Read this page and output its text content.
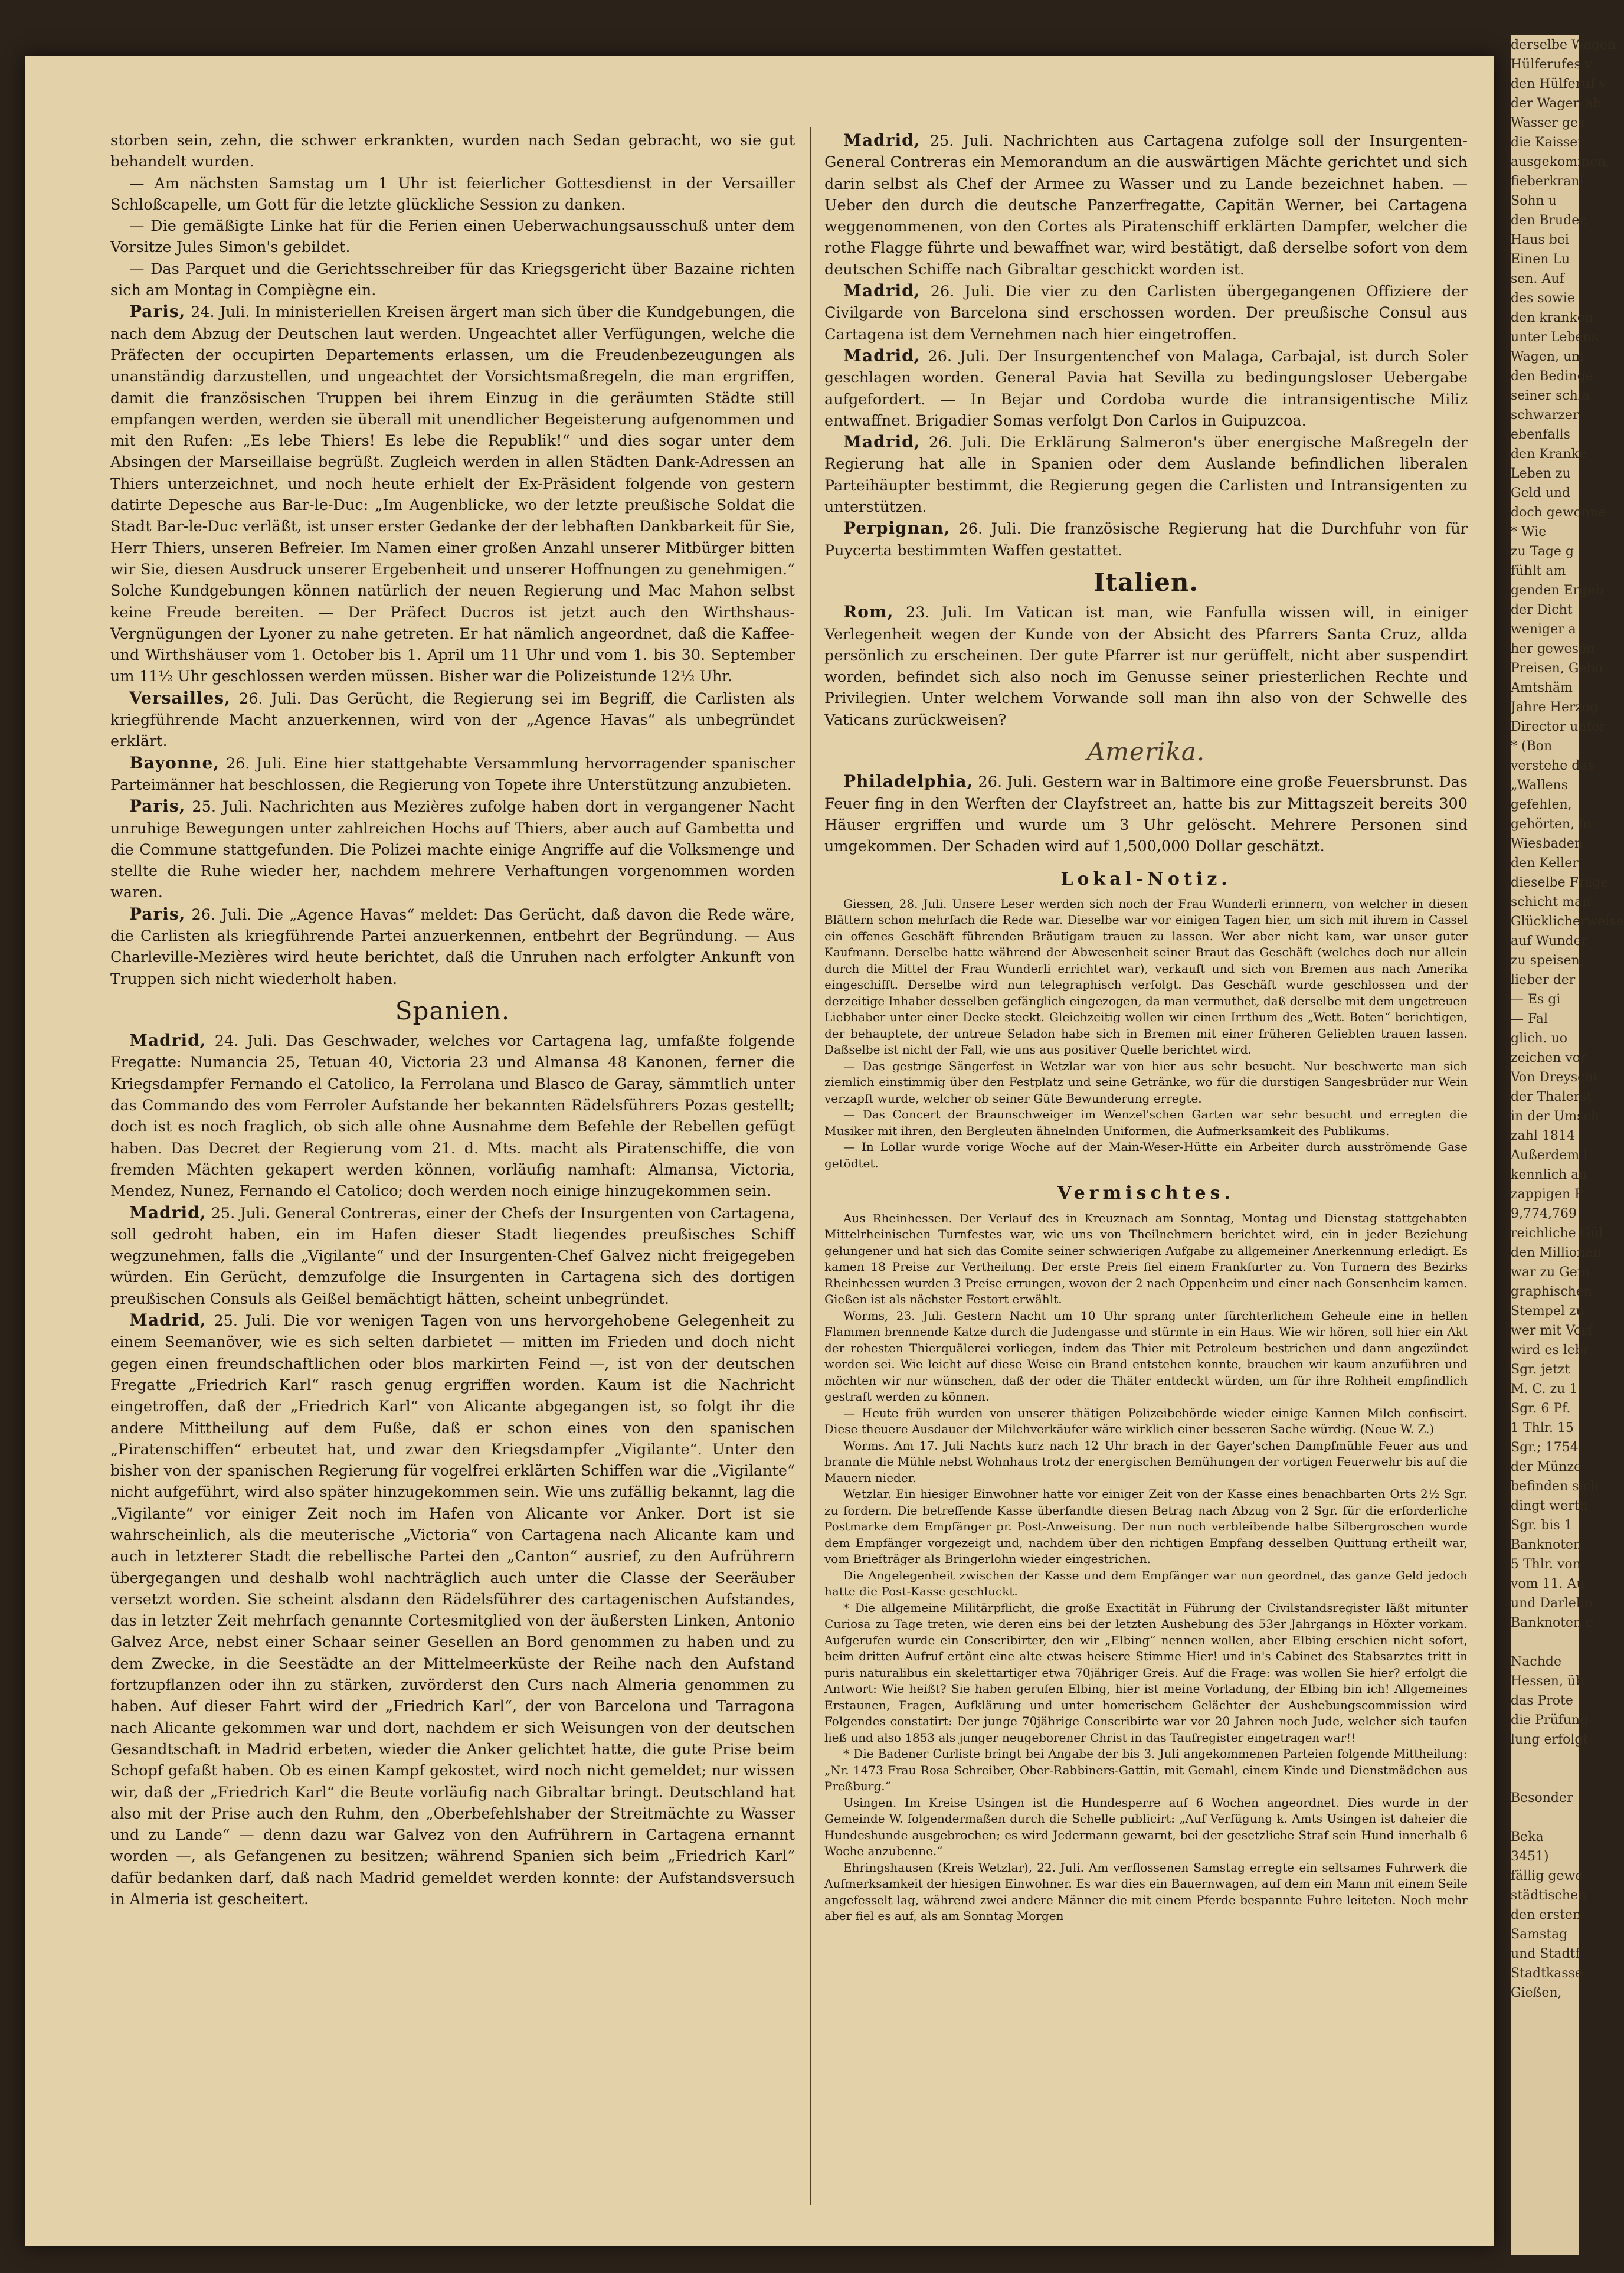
storben sein, zehn, die schwer erkrankten, wurden nach Sedan gebracht, wo sie gut behandelt wurden.

— Am nächsten Samstag um 1 Uhr ist feierlicher Gottesdienst in der Versailler Schloßcapelle, um Gott für die letzte glückliche Session zu danken.

— Die gemäßigte Linke hat für die Ferien einen Ueberwachungsausschuß unter dem Vorsitze Jules Simon's gebildet.

— Das Parquet und die Gerichtsschreiber für das Kriegsgericht über Bazaine richten sich am Montag in Compiègne ein.

Paris, 24. Juli. In ministeriellen Kreisen ärgert man sich über die Kundgebungen, die nach dem Abzug der Deutschen laut werden. Ungeachtet aller Verfügungen, welche die Präfecten der occupirten Departements erlassen, um die Freudenbezeugungen als unanständig darzustellen, und ungeachtet der Vorsichtsmaßregeln, die man ergriffen, damit die französischen Truppen bei ihrem Einzug in die geräumten Städte still empfangen werden, werden sie überall mit unendlicher Begeisterung aufgenommen und mit den Rufen: „Es lebe Thiers! Es lebe die Republik!“ und dies sogar unter dem Absingen der Marseillaise begrüßt. Zugleich werden in allen Städten Dank-Adressen an Thiers unterzeichnet, und noch heute erhielt der Ex-Präsident folgende von gestern datirte Depesche aus Bar-le-Duc: „Im Augenblicke, wo der letzte preußische Soldat die Stadt Bar-le-Duc verläßt, ist unser erster Gedanke der der lebhaften Dankbarkeit für Sie, Herr Thiers, unseren Befreier. Im Namen einer großen Anzahl unserer Mitbürger bitten wir Sie, diesen Ausdruck unserer Ergebenheit und unserer Hoffnungen zu genehmigen.“ Solche Kundgebungen können natürlich der neuen Regierung und Mac Mahon selbst keine Freude bereiten. — Der Präfect Ducros ist jetzt auch den Wirthshaus-Vergnügungen der Lyoner zu nahe getreten. Er hat nämlich angeordnet, daß die Kaffee- und Wirthshäuser vom 1. October bis 1. April um 11 Uhr und vom 1. bis 30. September um 11½ Uhr geschlossen werden müssen. Bisher war die Polizeistunde 12½ Uhr.

Versailles, 26. Juli. Das Gerücht, die Regierung sei im Begriff, die Carlisten als kriegführende Macht anzuerkennen, wird von der „Agence Havas“ als unbegründet erklärt.

Bayonne, 26. Juli. Eine hier stattgehabte Versammlung hervorragender spanischer Parteimänner hat beschlossen, die Regierung von Topete ihre Unterstützung anzubieten.

Paris, 25. Juli. Nachrichten aus Mezières zufolge haben dort in vergangener Nacht unruhige Bewegungen unter zahlreichen Hochs auf Thiers, aber auch auf Gambetta und die Commune stattgefunden. Die Polizei machte einige Angriffe auf die Volksmenge und stellte die Ruhe wieder her, nachdem mehrere Verhaftungen vorgenommen worden waren.

Paris, 26. Juli. Die „Agence Havas“ meldet: Das Gerücht, daß davon die Rede wäre, die Carlisten als kriegführende Partei anzuerkennen, entbehrt der Begründung. — Aus Charleville-Mezières wird heute berichtet, daß die Unruhen nach erfolgter Ankunft von Truppen sich nicht wiederholt haben.

Spanien.

Madrid, 24. Juli. Das Geschwader, welches vor Cartagena lag, umfaßte folgende Fregatte: Numancia 25, Tetuan 40, Victoria 23 und Almansa 48 Kanonen, ferner die Kriegsdampfer Fernando el Catolico, la Ferrolana und Blasco de Garay, sämmtlich unter das Commando des vom Ferroler Aufstande her bekannten Rädelsführers Pozas gestellt; doch ist es noch fraglich, ob sich alle ohne Ausnahme dem Befehle der Rebellen gefügt haben. Das Decret der Regierung vom 21. d. Mts. macht als Piratenschiffe, die von fremden Mächten gekapert werden können, vorläufig namhaft: Almansa, Victoria, Mendez, Nunez, Fernando el Catolico; doch werden noch einige hinzugekommen sein.

Madrid, 25. Juli. General Contreras, einer der Chefs der Insurgenten von Cartagena, soll gedroht haben, ein im Hafen dieser Stadt liegendes preußisches Schiff wegzunehmen, falls die „Vigilante“ und der Insurgenten-Chef Galvez nicht freigegeben würden. Ein Gerücht, demzufolge die Insurgenten in Cartagena sich des dortigen preußischen Consuls als Geißel bemächtigt hätten, scheint unbegründet.

Madrid, 25. Juli. Die vor wenigen Tagen von uns hervorgehobene Gelegenheit zu einem Seemanöver, wie es sich selten darbietet — mitten im Frieden und doch nicht gegen einen freundschaftlichen oder blos markirten Feind —, ist von der deutschen Fregatte „Friedrich Karl“ rasch genug ergriffen worden. Kaum ist die Nachricht eingetroffen, daß der „Friedrich Karl“ von Alicante abgegangen ist, so folgt ihr die andere Mittheilung auf dem Fuße, daß er schon eines von den spanischen „Piratenschiffen“ erbeutet hat, und zwar den Kriegsdampfer „Vigilante“. Unter den bisher von der spanischen Regierung für vogelfrei erklärten Schiffen war die „Vigilante“ nicht aufgeführt, wird also später hinzugekommen sein. Wie uns zufällig bekannt, lag die „Vigilante“ vor einiger Zeit noch im Hafen von Alicante vor Anker. Dort ist sie wahrscheinlich, als die meuterische „Victoria“ von Cartagena nach Alicante kam und auch in letzterer Stadt die rebellische Partei den „Canton“ ausrief, zu den Aufrührern übergegangen und deshalb wohl nachträglich auch unter die Classe der Seeräuber versetzt worden. Sie scheint alsdann den Rädelsführer des cartagenischen Aufstandes, das in letzter Zeit mehrfach genannte Cortesmitglied von der äußersten Linken, Antonio Galvez Arce, nebst einer Schaar seiner Gesellen an Bord genommen zu haben und zu dem Zwecke, in die Seestädte an der Mittelmeerküste der Reihe nach den Aufstand fortzupflanzen oder ihn zu stärken, zuvörderst den Curs nach Almeria genommen zu haben. Auf dieser Fahrt wird der „Friedrich Karl“, der von Barcelona und Tarragona nach Alicante gekommen war und dort, nachdem er sich Weisungen von der deutschen Gesandtschaft in Madrid erbeten, wieder die Anker gelichtet hatte, die gute Prise beim Schopf gefaßt haben. Ob es einen Kampf gekostet, wird noch nicht gemeldet; nur wissen wir, daß der „Friedrich Karl“ die Beute vorläufig nach Gibraltar bringt. Deutschland hat also mit der Prise auch den Ruhm, den „Oberbefehlshaber der Streitmächte zu Wasser und zu Lande“ — denn dazu war Galvez von den Aufrührern in Cartagena ernannt worden —, als Gefangenen zu besitzen; während Spanien sich beim „Friedrich Karl“ dafür bedanken darf, daß nach Madrid gemeldet werden konnte: der Aufstandsversuch in Almeria ist gescheitert.

Madrid, 25. Juli. Nachrichten aus Cartagena zufolge soll der Insurgenten-General Contreras ein Memorandum an die auswärtigen Mächte gerichtet und sich darin selbst als Chef der Armee zu Wasser und zu Lande bezeichnet haben. — Ueber den durch die deutsche Panzerfregatte, Capitän Werner, bei Cartagena weggenommenen, von den Cortes als Piratenschiff erklärten Dampfer, welcher die rothe Flagge führte und bewaffnet war, wird bestätigt, daß derselbe sofort von dem deutschen Schiffe nach Gibraltar geschickt worden ist.

Madrid, 26. Juli. Die vier zu den Carlisten übergegangenen Offiziere der Civilgarde von Barcelona sind erschossen worden. Der preußische Consul aus Cartagena ist dem Vernehmen nach hier eingetroffen.

Madrid, 26. Juli. Der Insurgentenchef von Malaga, Carbajal, ist durch Soler geschlagen worden. General Pavia hat Sevilla zu bedingungsloser Uebergabe aufgefordert. — In Bejar und Cordoba wurde die intransigentische Miliz entwaffnet. Brigadier Somas verfolgt Don Carlos in Guipuzcoa.

Madrid, 26. Juli. Die Erklärung Salmeron's über energische Maßregeln der Regierung hat alle in Spanien oder dem Auslande befindlichen liberalen Parteihäupter bestimmt, die Regierung gegen die Carlisten und Intransigenten zu unterstützen.

Perpignan, 26. Juli. Die französische Regierung hat die Durchfuhr von für Puycerta bestimmten Waffen gestattet.

Italien.

Rom, 23. Juli. Im Vatican ist man, wie Fanfulla wissen will, in einiger Verlegenheit wegen der Kunde von der Absicht des Pfarrers Santa Cruz, allda persönlich zu erscheinen. Der gute Pfarrer ist nur gerüffelt, nicht aber suspendirt worden, befindet sich also noch im Genusse seiner priesterlichen Rechte und Privilegien. Unter welchem Vorwande soll man ihn also von der Schwelle des Vaticans zurückweisen?

Amerika.

Philadelphia, 26. Juli. Gestern war in Baltimore eine große Feuersbrunst. Das Feuer fing in den Werften der Clayfstreet an, hatte bis zur Mittagszeit bereits 300 Häuser ergriffen und wurde um 3 Uhr gelöscht. Mehrere Personen sind umgekommen. Der Schaden wird auf 1,500,000 Dollar geschätzt.

Lokal-Notiz.

Giessen, 28. Juli. Unsere Leser werden sich noch der Frau Wunderli erinnern, von welcher in diesen Blättern schon mehrfach die Rede war. Dieselbe war vor einigen Tagen hier, um sich mit ihrem in Cassel ein offenes Geschäft führenden Bräutigam trauen zu lassen. Wer aber nicht kam, war unser guter Kaufmann. Derselbe hatte während der Abwesenheit seiner Braut das Geschäft (welches doch nur allein durch die Mittel der Frau Wunderli errichtet war), verkauft und sich von Bremen aus nach Amerika eingeschifft. Derselbe wird nun telegraphisch verfolgt. Das Geschäft wurde geschlossen und der derzeitige Inhaber desselben gefänglich eingezogen, da man vermuthet, daß derselbe mit dem ungetreuen Liebhaber unter einer Decke steckt. Gleichzeitig wollen wir einen Irrthum des „Wett. Boten“ berichtigen, der behauptete, der untreue Seladon habe sich in Bremen mit einer früheren Geliebten trauen lassen. Daßselbe ist nicht der Fall, wie uns aus positiver Quelle berichtet wird.

— Das gestrige Sängerfest in Wetzlar war von hier aus sehr besucht. Nur beschwerte man sich ziemlich einstimmig über den Festplatz und seine Getränke, wo für die durstigen Sangesbrüder nur Wein verzapft wurde, welcher ob seiner Güte Bewunderung erregte.

— Das Concert der Braunschweiger im Wenzel'schen Garten war sehr besucht und erregten die Musiker mit ihren, den Bergleuten ähnelnden Uniformen, die Aufmerksamkeit des Publikums.

— In Lollar wurde vorige Woche auf der Main-Weser-Hütte ein Arbeiter durch ausströmende Gase getödtet.

Vermischtes.

Aus Rheinhessen. Der Verlauf des in Kreuznach am Sonntag, Montag und Dienstag stattgehabten Mittelrheinischen Turnfestes war, wie uns von Theilnehmern berichtet wird, ein in jeder Beziehung gelungener und hat sich das Comite seiner schwierigen Aufgabe zu allgemeiner Anerkennung erledigt. Es kamen 18 Preise zur Vertheilung. Der erste Preis fiel einem Frankfurter zu. Von Turnern des Bezirks Rheinhessen wurden 3 Preise errungen, wovon der 2 nach Oppenheim und einer nach Gonsenheim kamen. Gießen ist als nächster Festort erwählt.

Worms, 23. Juli. Gestern Nacht um 10 Uhr sprang unter fürchterlichem Geheule eine in hellen Flammen brennende Katze durch die Judengasse und stürmte in ein Haus. Wie wir hören, soll hier ein Akt der rohesten Thierquälerei vorliegen, indem das Thier mit Petroleum bestrichen und dann angezündet worden sei. Wie leicht auf diese Weise ein Brand entstehen konnte, brauchen wir kaum anzuführen und möchten wir nur wünschen, daß der oder die Thäter entdeckt würden, um für ihre Rohheit empfindlich gestraft werden zu können.

— Heute früh wurden von unserer thätigen Polizeibehörde wieder einige Kannen Milch confiscirt. Diese theuere Ausdauer der Milchverkäufer wäre wirklich einer besseren Sache würdig. (Neue W. Z.)

Worms. Am 17. Juli Nachts kurz nach 12 Uhr brach in der Gayer'schen Dampfmühle Feuer aus und brannte die Mühle nebst Wohnhaus trotz der energischen Bemühungen der vortigen Feuerwehr bis auf die Mauern nieder.

Wetzlar. Ein hiesiger Einwohner hatte vor einiger Zeit von der Kasse eines benachbarten Orts 2½ Sgr. zu fordern. Die betreffende Kasse überfandte diesen Betrag nach Abzug von 2 Sgr. für die erforderliche Postmarke dem Empfänger pr. Post-Anweisung. Der nun noch verbleibende halbe Silbergroschen wurde dem Empfänger vorgezeigt und, nachdem über den richtigen Empfang desselben Quittung ertheilt war, vom Briefträger als Bringerlohn wieder eingestrichen.

Die Angelegenheit zwischen der Kasse und dem Empfänger war nun geordnet, das ganze Geld jedoch hatte die Post-Kasse geschluckt.

* Die allgemeine Militärpflicht, die große Exactität in Führung der Civilstandsregister läßt mitunter Curiosa zu Tage treten, wie deren eins bei der letzten Aushebung des 53er Jahrgangs in Höxter vorkam. Aufgerufen wurde ein Conscribirter, den wir „Elbing“ nennen wollen, aber Elbing erschien nicht sofort, beim dritten Aufruf ertönt eine alte etwas heisere Stimme Hier! und in's Cabinet des Stabsarztes tritt in puris naturalibus ein skelettartiger etwa 70jähriger Greis. Auf die Frage: was wollen Sie hier? erfolgt die Antwort: Wie heißt? Sie haben gerufen Elbing, hier ist meine Vorladung, der Elbing bin ich! Allgemeines Erstaunen, Fragen, Aufklärung und unter homerischem Gelächter der Aushebungscommission wird Folgendes constatirt: Der junge 70jährige Conscribirte war vor 20 Jahren noch Jude, welcher sich taufen ließ und also 1853 als junger neugeborener Christ in das Taufregister eingetragen war!!

* Die Badener Curliste bringt bei Angabe der bis 3. Juli angekommenen Parteien folgende Mittheilung: „Nr. 1473 Frau Rosa Schreiber, Ober-Rabbiners-Gattin, mit Gemahl, einem Kinde und Dienstmädchen aus Preßburg.“

Usingen. Im Kreise Usingen ist die Hundesperre auf 6 Wochen angeordnet. Dies wurde in der Gemeinde W. folgendermaßen durch die Schelle publicirt: „Auf Verfügung k. Amts Usingen ist daheier die Hundeshunde ausgebrochen; es wird Jedermann gewarnt, bei der gesetzliche Straf sein Hund innerhalb 6 Woche anzubenne.“

Ehringshausen (Kreis Wetzlar), 22. Juli. Am verflossenen Samstag erregte ein seltsames Fuhrwerk die Aufmerksamkeit der hiesigen Einwohner. Es war dies ein Bauernwagen, auf dem ein Mann mit einem Seile angefesselt lag, während zwei andere Männer die mit einem Pferde bespannte Fuhre leiteten. Noch mehr aber fiel es auf, als am Sonntag Morgen

derselbe Wagen
Hülferufes v
den Hülferuf v
der Wagen ab
Wasser ges
die Kaisser
ausgekommen,
fieberkranl
Sohn u
den Bruder,
Haus bei
Einen Lu
sen. Auf
des sowie
den kranken
unter Lebens
Wagen, um
den Bedinge
seiner schla
schwarzer
ebenfalls
den Kranke
Leben zu
Geld und
doch gewonne
* Wie
zu Tage g
fühlt am
genden Ergeb
der Dicht
weniger a
her gewesen
Preisen, Gebo
Amtshäm
Jahre Herzog
Director unter
* (Bon
verstehe das
„Wallens
gefehlen,
gehörten, fo
Wiesbaden
den Keller
dieselbe Frage
schicht man
Glücklicherweise
auf Wunder
zu speisen,
lieber der
— Es gi
— Fal
glich. uo
zeichen vor
Von Dreyschi
der Thalerst
in der Umsch
zahl 1814
Außerdem l
kennlich an
zappigen P
9,774,769
reichliche Gül
den Millionen
war zu Gem
graphischen
Stempel zu
wer mit Vorf
wird es lebr
Sgr. jetzt
M. C. zu 1
Sgr. 6 Pf.
1 Thlr. 15
Sgr.; 1754
der Münze
befinden sich
dingt werth
Sgr. bis 1
Banknoten
5 Thlr. von
vom 11. Au
und Darlehn
Banknoten e

Nachde
Hessen, üb
das Prote
die Prüfung
lung erfolgt

Besonder

Beka
3451)
fällig gewe
städtischen
den ersten
Samstag
und Stadtf
Stadtkasse
Gießen,
